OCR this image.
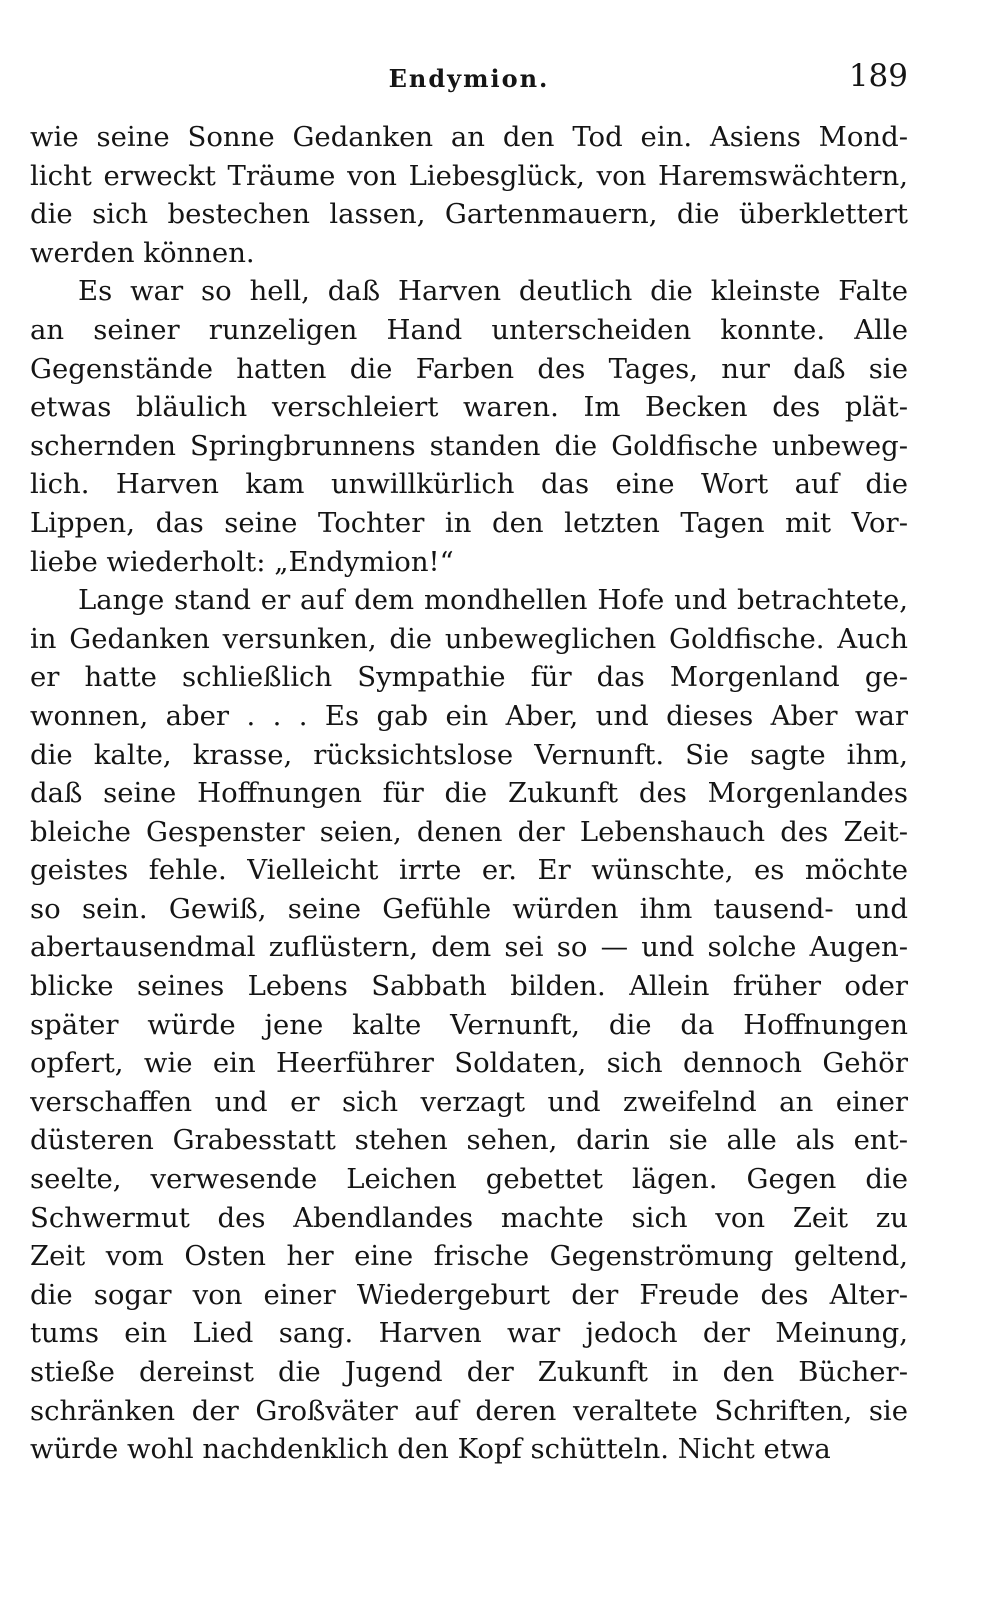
Endymion.	189
wie seine Sonne Gedanken an den Tod ein. Asiens Mond-
licht erweckt Träume von Liebesglück, von Haremswächtern,
die sich bestechen lassen, Gartenmauern, die überklettert
werden können.
Es war so hell, daß Harven deutlich die kleinste Falte
an seiner runzeligen Hand unterscheiden konnte. Alle
Gegenstände hatten die Farben des Tages, nur daß sie
etwas bläulich verschleiert waren. Im Becken des plät-
schernden Springbrunnens standen die Goldfische unbeweg-
lich. Harven kam unwillkürlich das eine Wort auf die
Lippen, das seine Tochter in den letzten Tagen mit Vor-
liebe wiederholt: „Endymion!“
Lange stand er auf dem mondhellen Hofe und betrachtete,
in Gedanken versunken, die unbeweglichen Goldfische. Auch
er hatte schließlich Sympathie für das Morgenland ge-
wonnen, aber . . . Es gab ein Aber, und dieses Aber war
die kalte, krasse, rücksichtslose Vernunft. Sie sagte ihm,
daß seine Hoffnungen für die Zukunft des Morgenlandes
bleiche Gespenster seien, denen der Lebenshauch des Zeit-
geistes fehle. Vielleicht irrte er. Er wünschte, es möchte
so sein. Gewiß, seine Gefühle würden ihm tausend- und
abertausendmal zuflüstern, dem sei so — und solche Augen-
blicke seines Lebens Sabbath bilden. Allein früher oder
später würde jene kalte Vernunft, die da Hoffnungen
opfert, wie ein Heerführer Soldaten, sich dennoch Gehör
verschaffen und er sich verzagt und zweifelnd an einer
düsteren Grabesstatt stehen sehen, darin sie alle als ent-
seelte, verwesende Leichen gebettet lägen. Gegen die
Schwermut des Abendlandes machte sich von Zeit zu
Zeit vom Osten her eine frische Gegenströmung geltend,
die sogar von einer Wiedergeburt der Freude des Alter-
tums ein Lied sang. Harven war jedoch der Meinung,
stieße dereinst die Jugend der Zukunft in den Bücher-
schränken der Großväter auf deren veraltete Schriften, sie
würde wohl nachdenklich den Kopf schütteln. Nicht etwa
